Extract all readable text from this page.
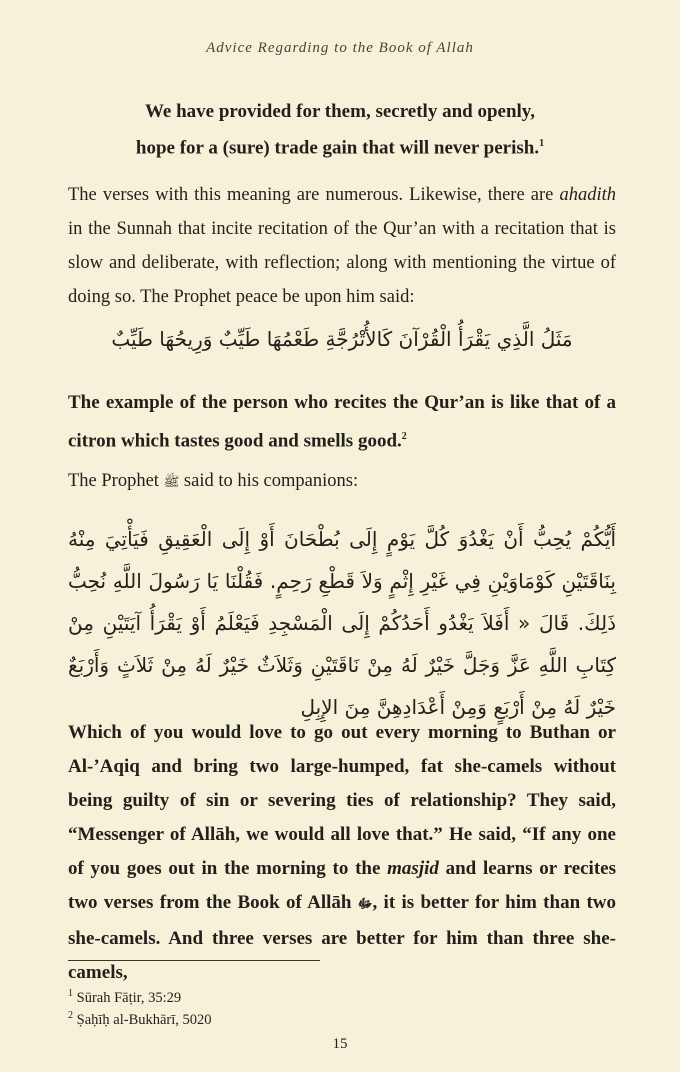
Advice Regarding to the Book of Allah
We have provided for them, secretly and openly,
hope for a (sure) trade gain that will never perish.$^1$
The verses with this meaning are numerous. Likewise, there are ahadith in the Sunnah that incite recitation of the Qur’an with a recitation that is slow and deliberate, with reflection; along with mentioning the virtue of doing so. The Prophet peace be upon him said:
مَثَلُ الَّذِي يَقْرَأُ الْقُرْآنَ كَالأُتْرُجَّةِ طَعْمُهَا طَيِّبٌ وَرِيحُهَا طَيِّبٌ
The example of the person who recites the Qur’an is like that of a citron which tastes good and smells good.$^2$
The Prophet ﷺ said to his companions:
أَيُّكُمْ يُحِبُّ أَنْ يَغْدُوَ كُلَّ يَوْمٍ إِلَى بُطْحَانَ أَوْ إِلَى الْعَقِيقِ فَيَأْتِيَ مِنْهُ بِنَاقَتَيْنِ كَوْمَاوَيْنِ فِي غَيْرِ إِثْمٍ وَلاَ قَطْعِ رَحِمٍ. فَقُلْنَا يَا رَسُولَ اللَّهِ نُحِبُّ ذَلِكَ. قَالَ « أَفَلاَ يَغْدُو أَحَدُكُمْ إِلَى الْمَسْجِدِ فَيَعْلَمُ أَوْ يَقْرَأُ آيَتَيْنِ مِنْ كِتَابِ اللَّهِ عَزَّ وَجَلَّ خَيْرٌ لَهُ مِنْ نَاقَتَيْنِ وَثَلاَثٌ خَيْرٌ لَهُ مِنْ ثَلاَثٍ وَأَرْبَعٌ خَيْرٌ لَهُ مِنْ أَرْبَعٍ وَمِنْ أَعْدَادِهِنَّ مِنَ الإِبِلِ
Which of you would love to go out every morning to Buthan or Al-’Aqiq and bring two large-humped, fat she-camels without being guilty of sin or severing ties of relationship? They said, “Messenger of Allāh, we would all love that.” He said, “If any one of you goes out in the morning to the masjid and learns or recites two verses from the Book of Allāh ﷻ, it is better for him than two she-camels. And three verses are better for him than three she-camels,
$^1$ Sūrah Fāṭir, 35:29
$^2$ Ṣaḥīḥ al-Bukhārī, 5020
15
